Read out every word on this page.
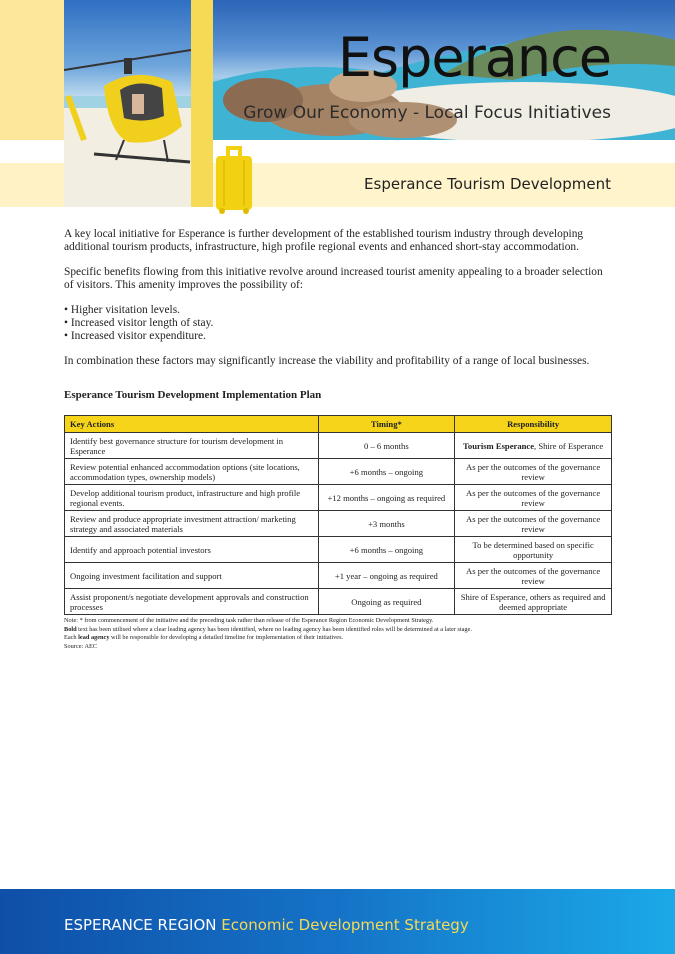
Esperance

Grow Our Economy - Local Focus Initiatives

Esperance Tourism Development

A key local initiative for Esperance is further development of the established tourism industry through developing additional tourism products, infrastructure, high profile regional events and enhanced short-stay accommodation.

Specific benefits flowing from this initiative revolve around increased tourist amenity appealing to a broader selection of visitors. This amenity improves the possibility of:

• Higher visitation levels.
• Increased visitor length of stay.
• Increased visitor expenditure.

In combination these factors may significantly increase the viability and profitability of a range of local businesses.

Esperance Tourism Development Implementation Plan
Key Actions	Timing*	Responsibility
Identify best governance structure for tourism development in Esperance	0 – 6 months	Tourism Esperance, Shire of Esperance
Review potential enhanced accommodation options (site locations, accommodation types, ownership models)	+6 months – ongoing	As per the outcomes of the governance review
Develop additional tourism product, infrastructure and high profile regional events.	+12 months – ongoing as required	As per the outcomes of the governance review
Review and produce appropriate investment attraction/ marketing strategy and associated materials	+3 months	As per the outcomes of the governance review
Identify and approach potential investors	+6 months – ongoing	To be determined based on specific opportunity
Ongoing investment facilitation and support	+1 year – ongoing as required	As per the outcomes of the governance review
Assist proponent/s negotiate development approvals and construction processes	Ongoing as required	Shire of Esperance, others as required and deemed appropriate
Note: * from commencement of the initiative and the preceding task rather than release of the Esperance Region Economic Development Strategy.
Bold text has been utilised where a clear leading agency has been identified, where no leading agency has been identified roles will be determined at a later stage.
Each lead agency will be responsible for developing a detailed timeline for implementation of their initiatives.
Source: AEC
ESPERANCE REGION Economic Development Strategy
